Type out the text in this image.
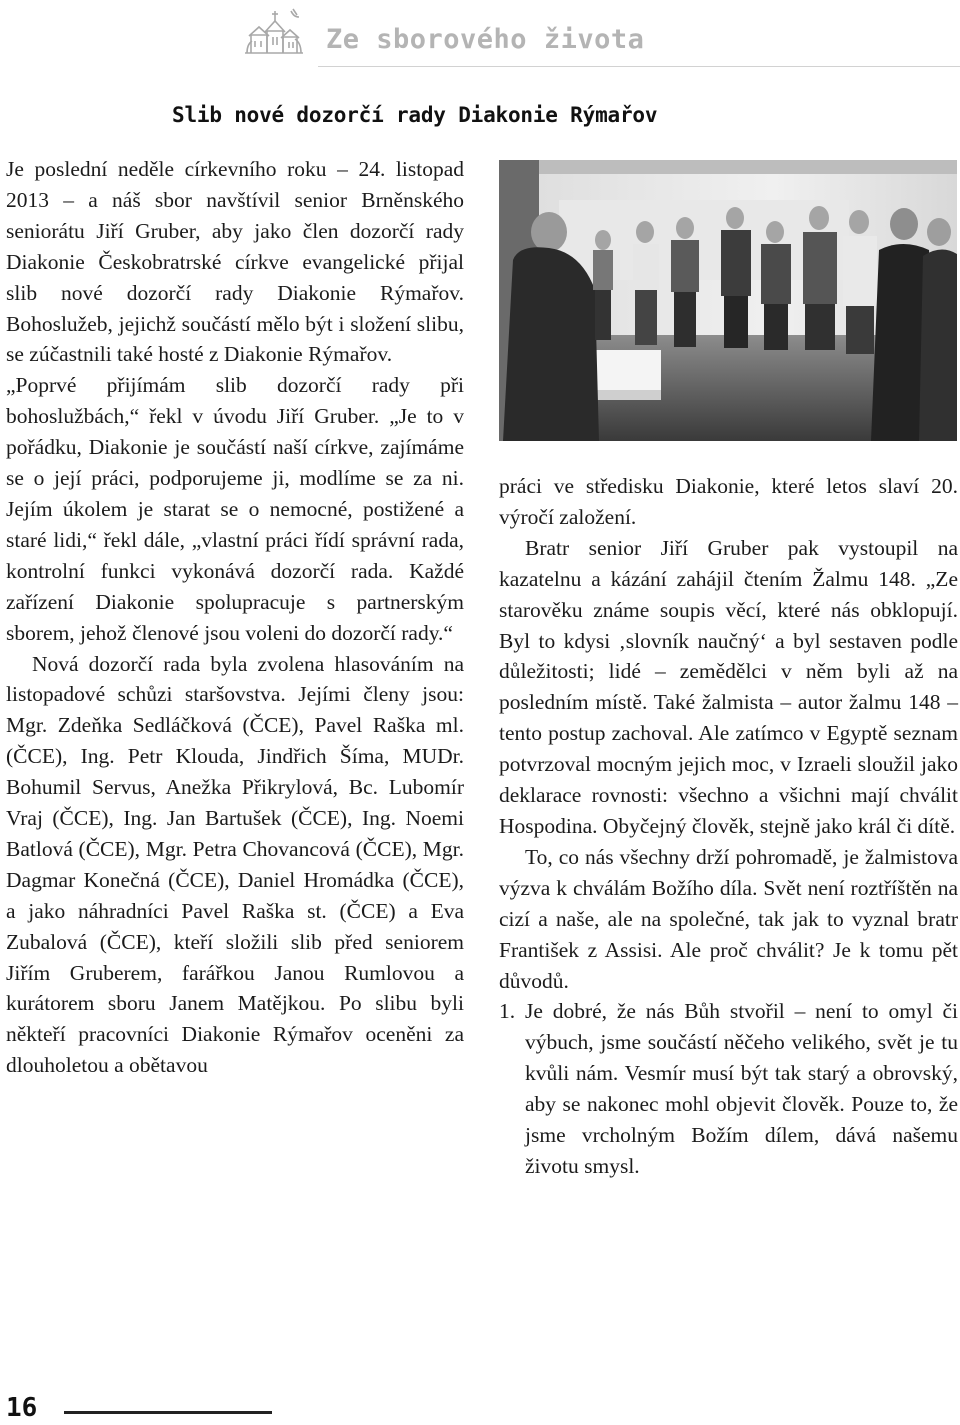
Ze sborového života
Slib nové dozorčí rady Diakonie Rýmařov

Je poslední neděle církevního roku – 24. listopad 2013 – a náš sbor navštívil senior Brněnského seniorátu Jiří Gruber, aby jako člen dozorčí rady Diakonie Českobratrské církve evangelické přijal slib nové dozorčí rady Diakonie Rýmařov. Bohoslužeb, jejichž součástí mělo být i složení slibu, se zúčastnili také hosté z Diakonie Rýmařov.

„Poprvé přijímám slib dozorčí rady při bohoslužbách,“ řekl v úvodu Jiří Gruber. „Je to v pořádku, Diakonie je součástí naší církve, zajímáme se o její práci, podporujeme ji, modlíme se za ni. Jejím úkolem je starat se o nemocné, postižené a staré lidi,“ řekl dále, „vlastní práci řídí správní rada, kontrolní funkci vykonává dozorčí rada. Každé zařízení Diakonie spolupracuje s partnerským sborem, jehož členové jsou voleni do dozorčí rady.“

Nová dozorčí rada byla zvolena hlasováním na listopadové schůzi staršovstva. Jejími členy jsou: Mgr. Zdeňka Sedláčková (ČCE), Pavel Raška ml. (ČCE), Ing. Petr Klouda, Jindřich Šíma, MUDr. Bohumil Servus, Anežka Přikrylová, Bc. Lubomír Vraj (ČCE), Ing. Jan Bartušek (ČCE), Ing. Noemi Batlová (ČCE), Mgr. Petra Chovancová (ČCE), Mgr. Dagmar Konečná (ČCE), Daniel Hromádka (ČCE), a jako náhradníci Pavel Raška st. (ČCE) a Eva Zubalová (ČCE), kteří složili slib před seniorem Jiřím Gruberem, farářkou Janou Rumlovou a kurátorem sboru Janem Matějkou. Po slibu byli někteří pracovníci Diakonie Rýmařov oceněni za dlouholetou a obětavou

práci ve středisku Diakonie, které letos slaví 20. výročí založení.

Bratr senior Jiří Gruber pak vystoupil na kazatelnu a kázání zahájil čtením Žalmu 148. „Ze starověku známe soupis věcí, které nás obklopují. Byl to kdysi ‚slovník naučný‘ a byl sestaven podle důležitosti; lidé – zemědělci v něm byli až na posledním místě. Také žalmista – autor žalmu 148 – tento postup zachoval. Ale zatímco v Egyptě seznam potvrzoval mocným jejich moc, v Izraeli sloužil jako deklarace rovnosti: všechno a všichni mají chválit Hospodina. Obyčejný člověk, stejně jako král či dítě.

To, co nás všechny drží pohromadě, je žalmistova výzva k chválám Božího díla. Svět není roztříštěn na cizí a naše, ale na společné, tak jak to vyznal bratr František z Assisi. Ale proč chválit? Je k tomu pět důvodů.

1. Je dobré, že nás Bůh stvořil – není to omyl či výbuch, jsme součástí něčeho velikého, svět je tu kvůli nám. Vesmír musí být tak starý a obrovský, aby se nakonec mohl objevit člověk. Pouze to, že jsme vrcholným Božím dílem, dává našemu životu smysl.
16
